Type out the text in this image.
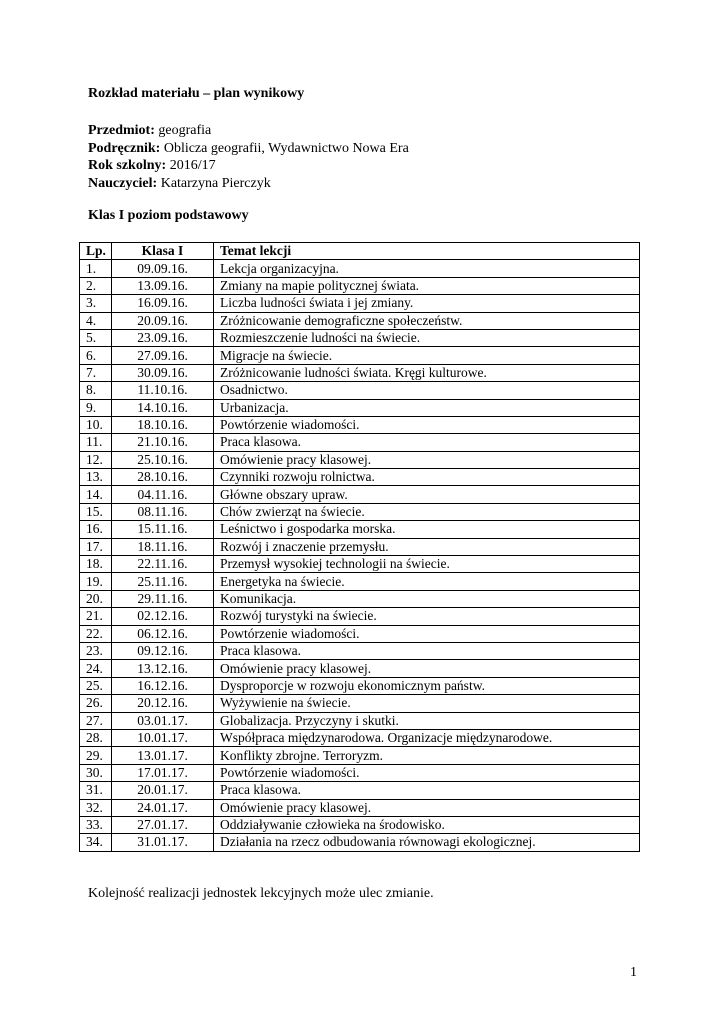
Rozkład materiału – plan wynikowy
Przedmiot: geografia
Podręcznik: Oblicza geografii, Wydawnictwo Nowa Era
Rok szkolny: 2016/17
Nauczyciel: Katarzyna Pierczyk
Klas I poziom podstawowy
Lp.	Klasa I	Temat lekcji
1.	09.09.16.	Lekcja organizacyjna.
2.	13.09.16.	Zmiany na mapie politycznej świata.
3.	16.09.16.	Liczba ludności świata i jej zmiany.
4.	20.09.16.	Zróżnicowanie demograficzne społeczeństw.
5.	23.09.16.	Rozmieszczenie ludności na świecie.
6.	27.09.16.	Migracje na świecie.
7.	30.09.16.	Zróżnicowanie ludności świata. Kręgi kulturowe.
8.	11.10.16.	Osadnictwo.
9.	14.10.16.	Urbanizacja.
10.	18.10.16.	Powtórzenie wiadomości.
11.	21.10.16.	Praca klasowa.
12.	25.10.16.	Omówienie pracy klasowej.
13.	28.10.16.	Czynniki rozwoju rolnictwa.
14.	04.11.16.	Główne obszary upraw.
15.	08.11.16.	Chów zwierząt na świecie.
16.	15.11.16.	Leśnictwo i gospodarka morska.
17.	18.11.16.	Rozwój i znaczenie przemysłu.
18.	22.11.16.	Przemysł wysokiej technologii na świecie.
19.	25.11.16.	Energetyka na świecie.
20.	29.11.16.	Komunikacja.
21.	02.12.16.	Rozwój turystyki na świecie.
22.	06.12.16.	Powtórzenie wiadomości.
23.	09.12.16.	Praca klasowa.
24.	13.12.16.	Omówienie pracy klasowej.
25.	16.12.16.	Dysproporcje w rozwoju ekonomicznym państw.
26.	20.12.16.	Wyżywienie na świecie.
27.	03.01.17.	Globalizacja. Przyczyny i skutki.
28.	10.01.17.	Współpraca międzynarodowa. Organizacje międzynarodowe.
29.	13.01.17.	Konflikty zbrojne. Terroryzm.
30.	17.01.17.	Powtórzenie wiadomości.
31.	20.01.17.	Praca klasowa.
32.	24.01.17.	Omówienie pracy klasowej.
33.	27.01.17.	Oddziaływanie człowieka na środowisko.
34.	31.01.17.	Działania na rzecz odbudowania równowagi ekologicznej.
Kolejność realizacji jednostek lekcyjnych może ulec zmianie.
1
